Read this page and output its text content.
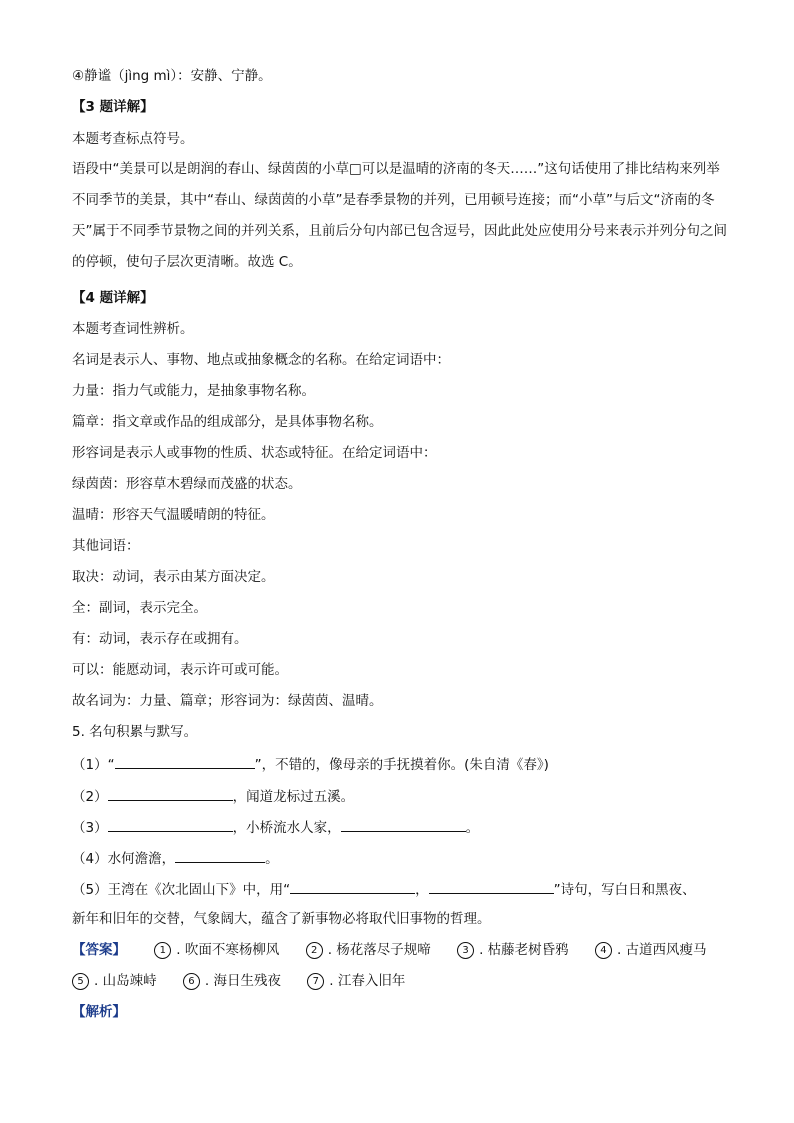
④静谧（jìng mì）：安静、宁静。
【3 题详解】
本题考查标点符号。
语段中“美景可以是朗润的春山、绿茵茵的小草□可以是温晴的济南的冬天……”这句话使用了排比结构来列举不同季节的美景，其中“春山、绿茵茵的小草”是春季景物的并列，已用顿号连接；而“小草”与后文“济南的冬天”属于不同季节景物之间的并列关系，且前后分句内部已包含逗号，因此此处应使用分号来表示并列分句之间的停顿，使句子层次更清晰。故选 C。
【4 题详解】
本题考查词性辨析。
名词是表示人、事物、地点或抽象概念的名称。在给定词语中：
力量：指力气或能力，是抽象事物名称。
篇章：指文章或作品的组成部分，是具体事物名称。
形容词是表示人或事物的性质、状态或特征。在给定词语中：
绿茵茵：形容草木碧绿而茂盛的状态。
温晴：形容天气温暖晴朗的特征。
其他词语：
取决：动词，表示由某方面决定。
全：副词，表示完全。
有：动词，表示存在或拥有。
可以：能愿动词，表示许可或可能。
故名词为：力量、篇章；形容词为：绿茵茵、温晴。
5. 名句积累与默写。
（1）“	”，不错的，像母亲的手抚摸着你。(朱自清《春》)
（2）	，闻道龙标过五溪。
（3）	，小桥流水人家，	。
（4）水何澹澹，	。
（5）王湾在《次北固山下》中，用“	，	”诗句，写白日和黑夜、
新年和旧年的交替，气象阔大，蕴含了新事物必将取代旧事物的哲理。
【答案】	1 . 吹面不寒杨柳风	2 . 杨花落尽子规啼	3 . 枯藤老树昏鸦	4 . 古道西风瘦马
5 . 山岛竦峙	6 . 海日生残夜	7 . 江春入旧年
【解析】
